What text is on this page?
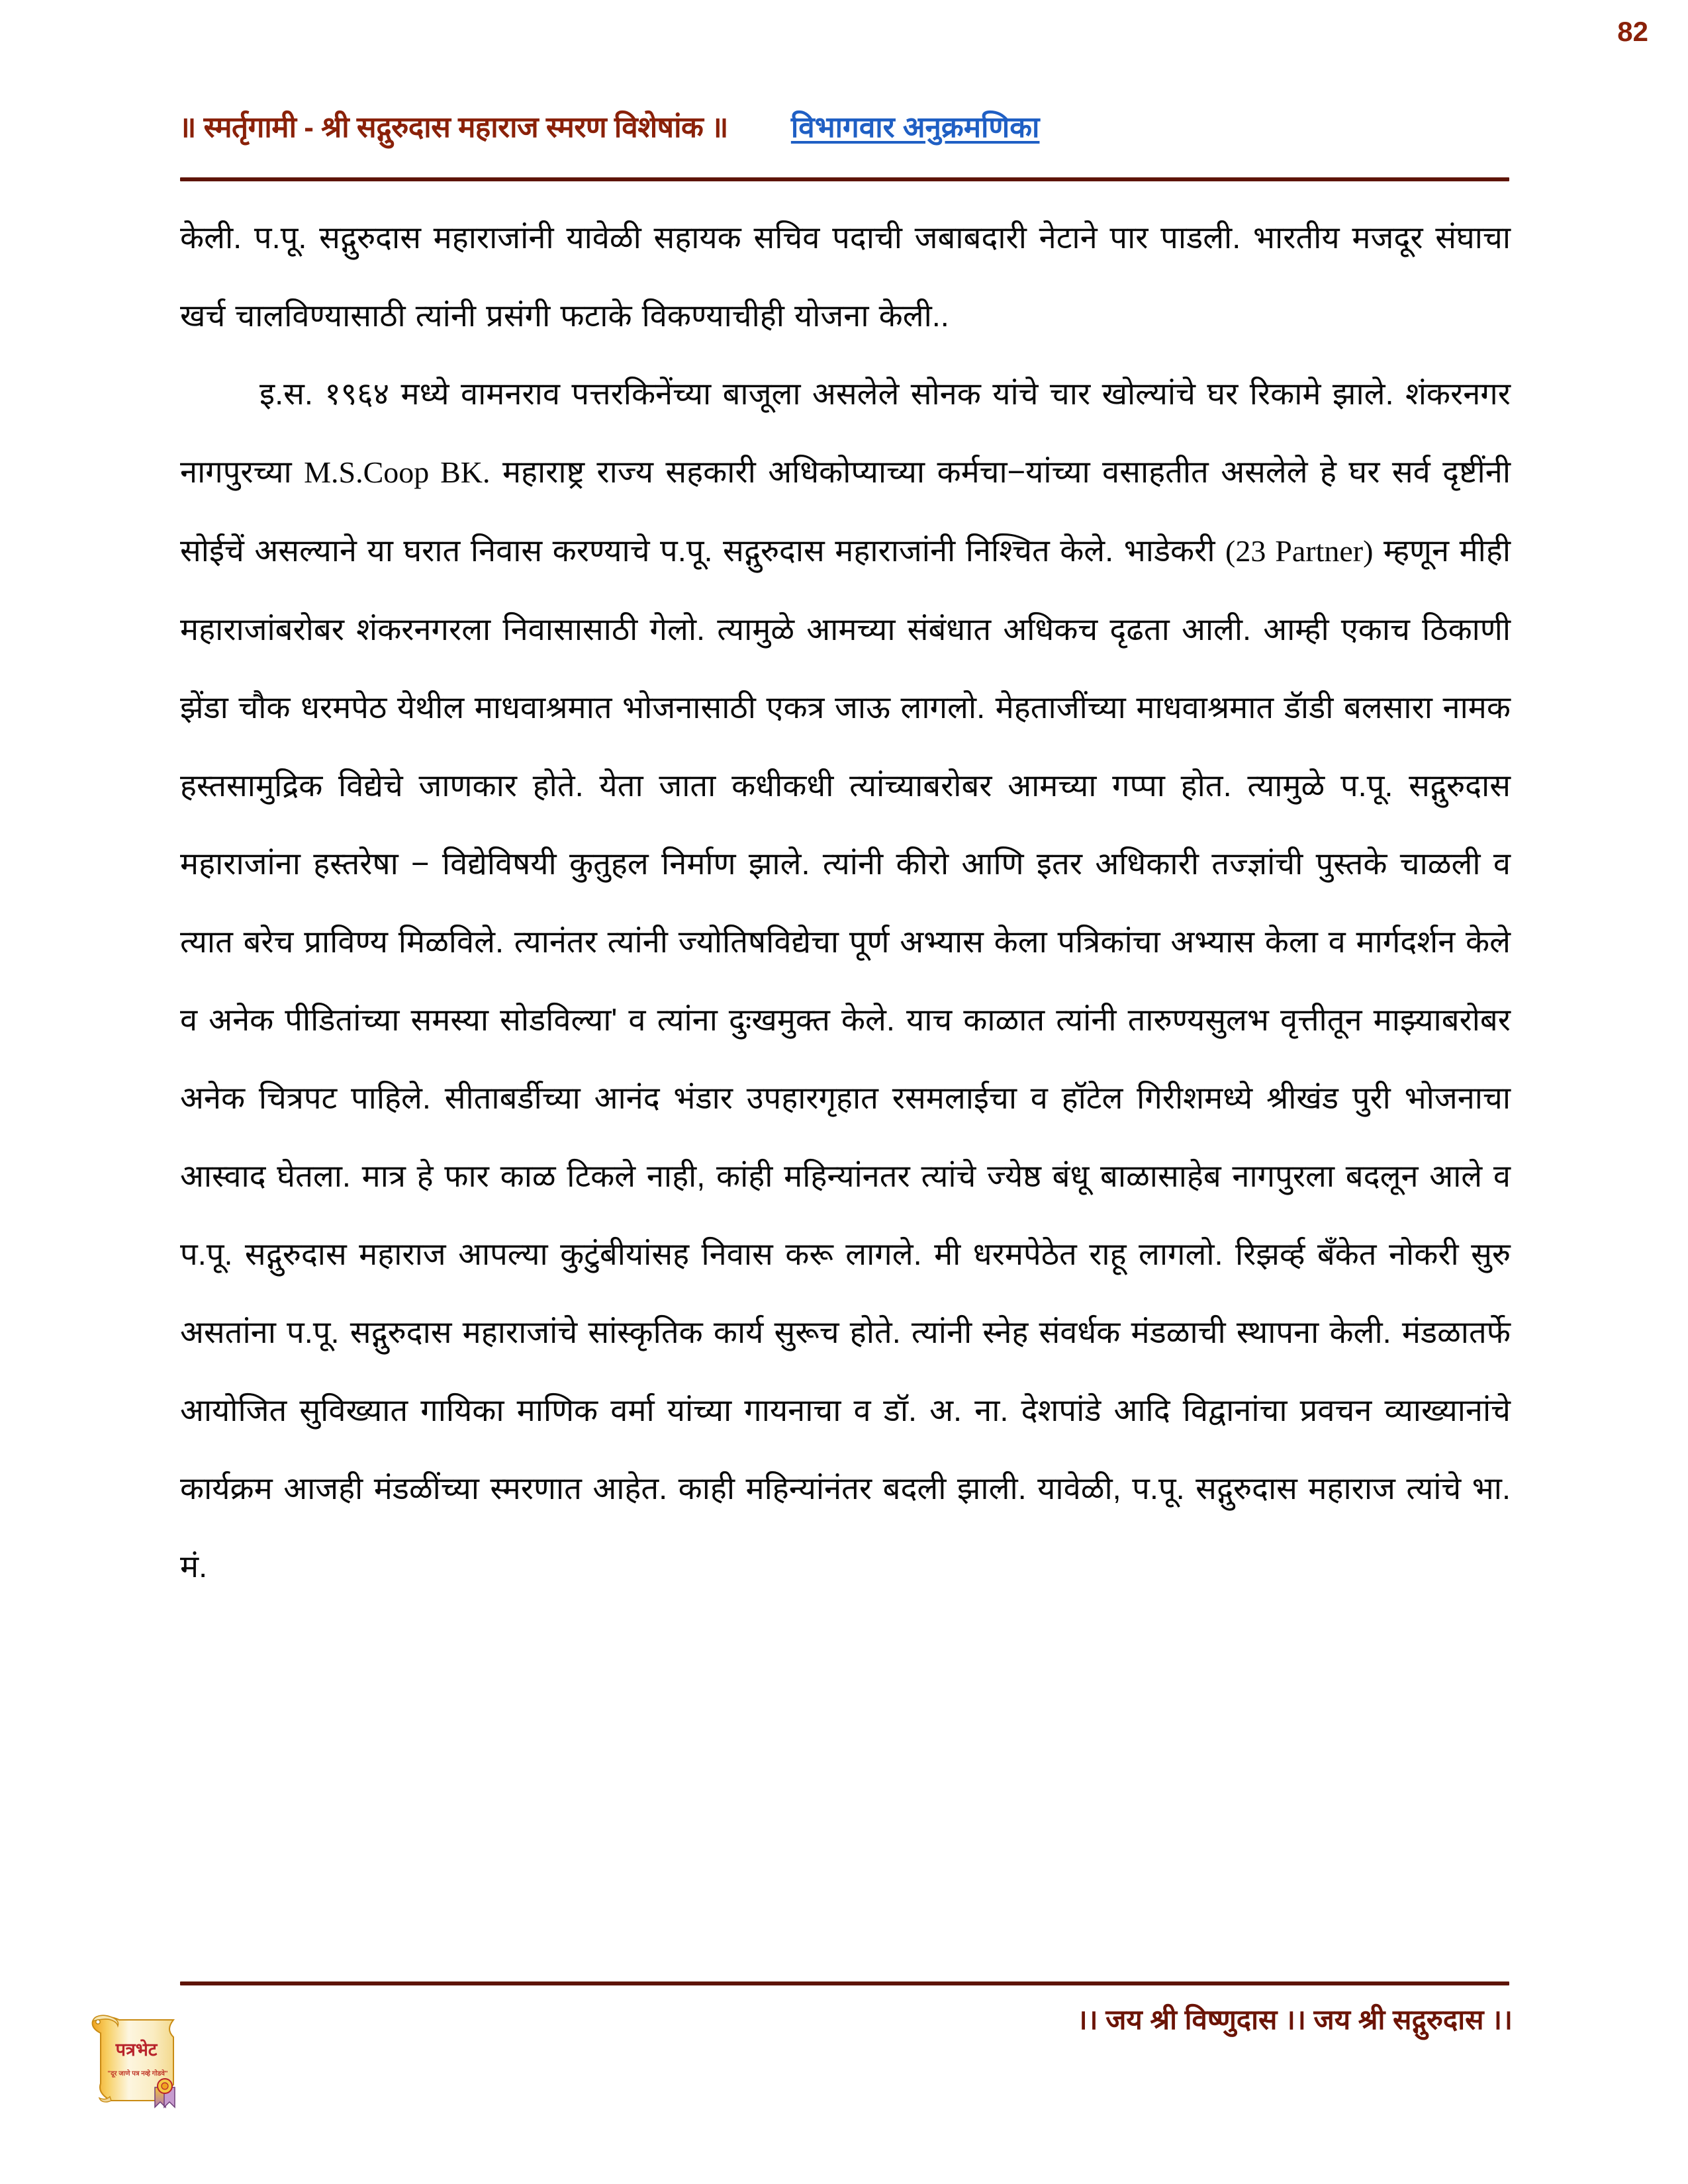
॥ स्मर्तृगामी - श्री सद्गुरुदास महाराज स्मरण विशेषांक ॥ विभागवार अनुक्रमणिका
82

केली. प.पू. सद्गुरुदास महाराजांनी यावेळी सहायक सचिव पदाची जबाबदारी नेटाने पार पाडली. भारतीय मजदूर संघाचा खर्च चालविण्यासाठी त्यांनी प्रसंगी फटाके विकण्याचीही योजना केली..

इ.स. १९६४ मध्ये वामनराव पत्तरकिनेंच्या बाजूला असलेले सोनक यांचे चार खोल्यांचे घर रिकामे झाले. शंकरनगर नागपुरच्या M.S.Coop BK. महाराष्ट्र राज्य सहकारी अधिकोप्याच्या कर्मचा−यांच्या वसाहतीत असलेले हे घर सर्व दृष्टींनी सोईचें असल्याने या घरात निवास करण्याचे प.पू. सद्गुरुदास महाराजांनी निश्चित केले. भाडेकरी (23 Partner) म्हणून मीही महाराजांबरोबर शंकरनगरला निवासासाठी गेलो. त्यामुळे आमच्या संबंधात अधिकच दृढता आली. आम्ही एकाच ठिकाणी झेंडा चौक धरमपेठ येथील माधवाश्रमात भोजनासाठी एकत्र जाऊ लागलो. मेहताजींच्या माधवाश्रमात डॅाडी बलसारा नामक हस्तसामुद्रिक विद्येचे जाणकार होते. येता जाता कधीकधी त्यांच्याबरोबर आमच्या गप्पा होत. त्यामुळे प.पू. सद्गुरुदास महाराजांना हस्तरेषा − विद्येविषयी कुतुहल निर्माण झाले. त्यांनी कीरो आणि इतर अधिकारी तज्ज्ञांची पुस्तके चाळली व त्यात बरेच प्राविण्य मिळविले. त्यानंतर त्यांनी ज्योतिषविद्येचा पूर्ण अभ्यास केला पत्रिकांचा अभ्यास केला व मार्गदर्शन केले व अनेक पीडितांच्या समस्या सोडविल्या' व त्यांना दुःखमुक्त केले. याच काळात त्यांनी तारुण्यसुलभ वृत्तीतून माझ्याबरोबर अनेक चित्रपट पाहिले. सीताबर्डीच्या आनंद भंडार उपहारगृहात रसमलाईचा व हॉटेल गिरीशमध्ये श्रीखंड पुरी भोजनाचा आस्वाद घेतला. मात्र हे फार काळ टिकले नाही, कांही महिन्यांनतर त्यांचे ज्येष्ठ बंधू बाळासाहेब नागपुरला बदलून आले व प.पू. सद्गुरुदास महाराज आपल्या कुटुंबीयांसह निवास करू लागले. मी धरमपेठेत राहू लागलो. रिझर्व्ह बँकेत नोकरी सुरु असतांना प.पू. सद्गुरुदास महाराजांचे सांस्कृतिक कार्य सुरूच होते. त्यांनी स्नेह संवर्धक मंडळाची स्थापना केली. मंडळातर्फे आयोजित सुविख्यात गायिका माणिक वर्मा यांच्या गायनाचा व डॉ. अ. ना. देशपांडे आदि विद्वानांचा प्रवचन व्याख्यानांचे कार्यक्रम आजही मंडळींच्या स्मरणात आहेत. काही महिन्यांनंतर बदली झाली. यावेळी, प.पू. सद्गुरुदास महाराज त्यांचे भा. मं.

।। जय श्री विष्णुदास ।। जय श्री सद्गुरुदास ।।
पत्रभेट
"दूर जाणे पत्र नव्हे गोडवे"
